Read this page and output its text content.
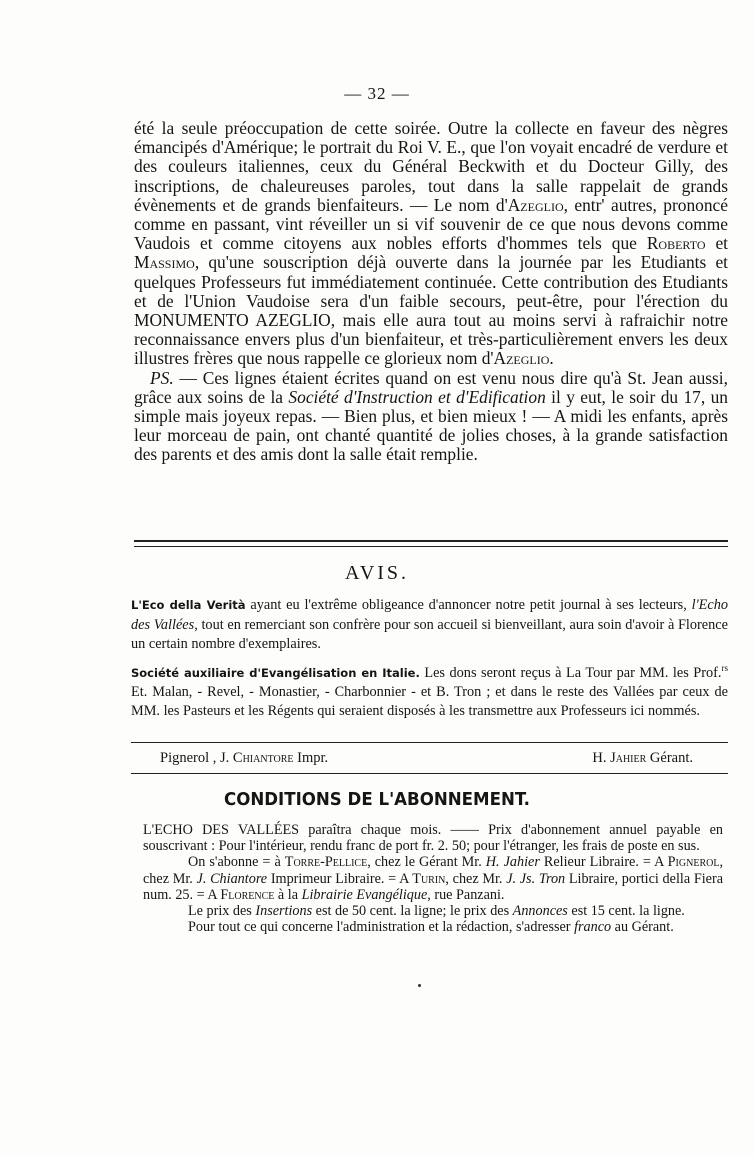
— 32 —

été la seule préoccupation de cette soirée. Outre la collecte en faveur des nègres émancipés d'Amérique; le portrait du Roi V. E., que l'on voyait encadré de verdure et des couleurs italiennes, ceux du Général Beckwith et du Docteur Gilly, des inscriptions, de chaleureuses paroles, tout dans la salle rappelait de grands évènements et de grands bienfaiteurs. — Le nom d'Azeglio, entr' autres, prononcé comme en passant, vint réveiller un si vif souvenir de ce que nous devons comme Vaudois et comme citoyens aux nobles efforts d'hommes tels que Roberto et Massimo, qu'une souscription déjà ouverte dans la journée par les Etudiants et quelques Professeurs fut immédiatement continuée. Cette contribution des Etudiants et de l'Union Vaudoise sera d'un faible secours, peut-être, pour l'érection du MONUMENTO AZEGLIO, mais elle aura tout au moins servi à rafraichir notre reconnaissance envers plus d'un bienfaiteur, et très-particulièrement envers les deux illustres frères que nous rappelle ce glorieux nom d'Azeglio.

PS. — Ces lignes étaient écrites quand on est venu nous dire qu'à St. Jean aussi, grâce aux soins de la Société d'Instruction et d'Edification il y eut, le soir du 17, un simple mais joyeux repas. — Bien plus, et bien mieux ! — A midi les enfants, après leur morceau de pain, ont chanté quantité de jolies choses, à la grande satisfaction des parents et des amis dont la salle était remplie.

AVIS.

L'Eco della Verità ayant eu l'extrême obligeance d'annoncer notre petit journal à ses lecteurs, l'Echo des Vallées, tout en remerciant son confrère pour son accueil si bienveillant, aura soin d'avoir à Florence un certain nombre d'exemplaires.

Société auxiliaire d'Evangélisation en Italie. Les dons seront reçus à La Tour par MM. les Prof.$^{rs}$ Et. Malan, - Revel, - Monastier, - Charbonnier - et B. Tron ; et dans le reste des Vallées par ceux de MM. les Pasteurs et les Régents qui seraient disposés à les transmettre aux Professeurs ici nommés.

Pignerol , J. Chiantore Impr.	H. Jahier Gérant.
CONDITIONS DE L'ABONNEMENT.

L'ECHO DES VALLÉES paraîtra chaque mois. —— Prix d'abonnement annuel payable en souscrivant : Pour l'intérieur, rendu franc de port fr. 2. 50; pour l'étranger, les frais de poste en sus.

On s'abonne = à Torre-Pellice, chez le Gérant Mr. H. Jahier Relieur Libraire. = A Pignerol, chez Mr. J. Chiantore Imprimeur Libraire. = A Turin, chez Mr. J. Js. Tron Libraire, portici della Fiera num. 25. = A Florence à la Librairie Evangélique, rue Panzani.

Le prix des Insertions est de 50 cent. la ligne; le prix des Annonces est 15 cent. la ligne.

Pour tout ce qui concerne l'administration et la rédaction, s'adresser franco au Gérant.
